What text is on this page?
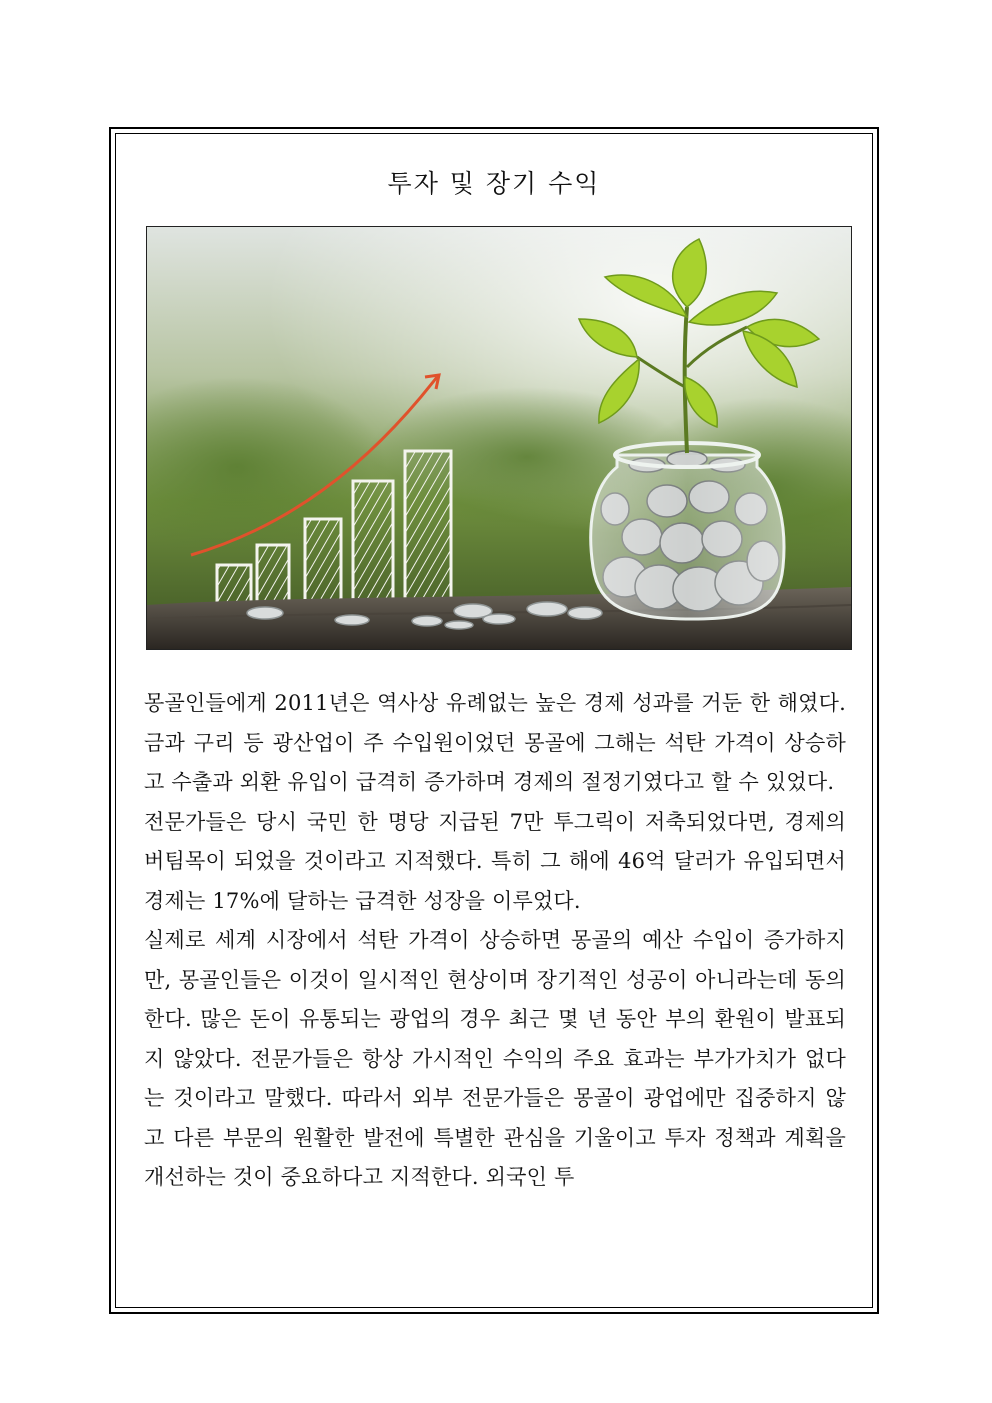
투자 및 장기 수익

몽골인들에게 2011년은 역사상 유례없는 높은 경제 성과를 거둔 한 해였다. 금과 구리 등 광산업이 주 수입원이었던 몽골에 그해는 석탄 가격이 상승하고 수출과 외환 유입이 급격히 증가하며 경제의 절정기였다고 할 수 있었다.

전문가들은 당시 국민 한 명당 지급된 7만 투그릭이 저축되었다면, 경제의 버팀목이 되었을 것이라고 지적했다. 특히 그 해에 46억 달러가 유입되면서 경제는 17%에 달하는 급격한 성장을 이루었다.

실제로 세계 시장에서 석탄 가격이 상승하면 몽골의 예산 수입이 증가하지만, 몽골인들은 이것이 일시적인 현상이며 장기적인 성공이 아니라는데 동의한다. 많은 돈이 유통되는 광업의 경우 최근 몇 년 동안 부의 환원이 발표되지 않았다. 전문가들은 항상 가시적인 수익의 주요 효과는 부가가치가 없다는 것이라고 말했다. 따라서 외부 전문가들은 몽골이 광업에만 집중하지 않고 다른 부문의 원활한 발전에 특별한 관심을 기울이고 투자 정책과 계획을 개선하는 것이 중요하다고 지적한다. 외국인 투
